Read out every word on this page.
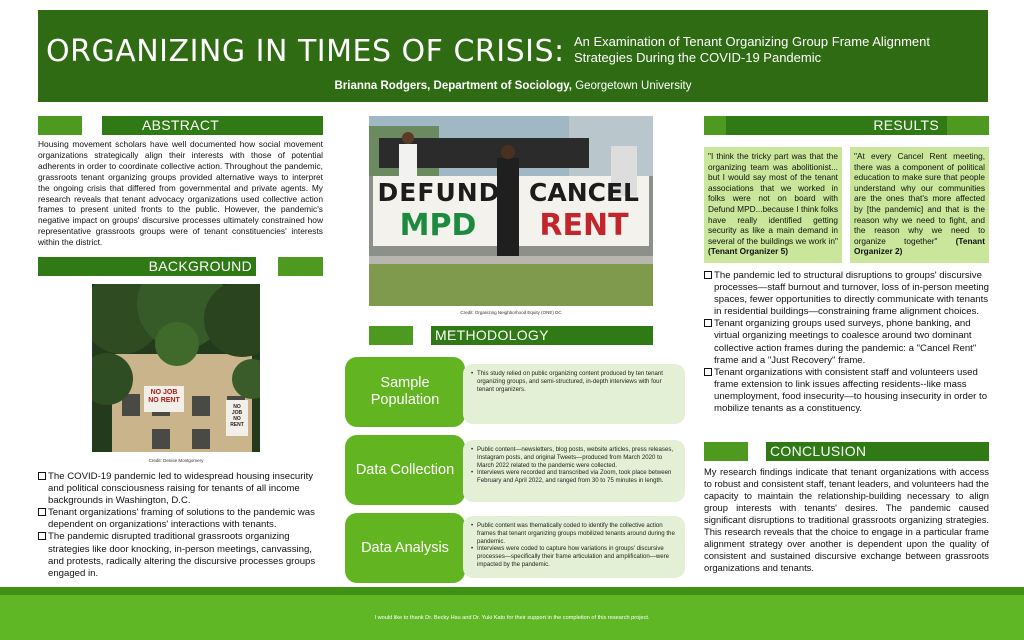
ORGANIZING IN TIMES OF CRISIS: An Examination of Tenant Organizing Group Frame Alignment Strategies During the COVID-19 Pandemic
Brianna Rodgers, Department of Sociology, Georgetown University
ABSTRACT
Housing movement scholars have well documented how social movement organizations strategically align their interests with those of potential adherents in order to coordinate collective action. Throughout the pandemic, grassroots tenant organizing groups provided alternative ways to interpret the ongoing crisis that differed from governmental and private agents. My research reveals that tenant advocacy organizations used collective action frames to present united fronts to the public. However, the pandemic's negative impact on groups' discursive processes ultimately constrained how representative grassroots groups were of tenant constituencies' interests within the district.
BACKGROUND
NO JOB NO RENT
NO JOB NO RENT
Credit: Denise Montgomery
The COVID-19 pandemic led to widespread housing insecurity and political consciousness raising for tenants of all income backgrounds in Washington, D.C.
Tenant organizations' framing of solutions to the pandemic was dependent on organizations' interactions with tenants.
The pandemic disrupted traditional grassroots organizing strategies like door knocking, in-person meetings, canvassing, and protests, radically altering the discursive processes groups engaged in.
DEFUND
MPD
CANCEL
RENT
Credit: Organizing Neighborhood Equity (ONE) DC
METHODOLOGY
Sample Population
• This study relied on public organizing content produced by ten tenant organizing groups, and semi-structured, in-depth interviews with four tenant organizers.
Data Collection
• Public content—newsletters, blog posts, website articles, press releases, Instagram posts, and original Tweets—produced from March 2020 to March 2022 related to the pandemic were collected.
• Interviews were recorded and transcribed via Zoom, took place between February and April 2022, and ranged from 30 to 75 minutes in length.
Data Analysis
• Public content was thematically coded to identify the collective action frames that tenant organizing groups mobilized tenants around during the pandemic.
• Interviews were coded to capture how variations in groups' discursive processes—specifically their frame articulation and amplification—were impacted by the pandemic.
RESULTS
"I think the tricky part was that the organizing team was abolitionist... but I would say most of the tenant associations that we worked in folks were not on board with Defund MPD...because I think folks have really identified getting security as like a main demand in several of the buildings we work in" (Tenant Organizer 5)
"At every Cancel Rent meeting, there was a component of political education to make sure that people understand why our communities are the ones that's more affected by [the pandemic] and that is the reason why we need to fight, and the reason why we need to organize together" (Tenant Organizer 2)
The pandemic led to structural disruptions to groups' discursive processes—staff burnout and turnover, loss of in-person meeting spaces, fewer opportunities to directly communicate with tenants in residential buildings—constraining frame alignment choices.
Tenant organizing groups used surveys, phone banking, and virtual organizing meetings to coalesce around two dominant collective action frames during the pandemic: a "Cancel Rent" frame and a "Just Recovery" frame.
Tenant organizations with consistent staff and volunteers used frame extension to link issues affecting residents--like mass unemployment, food insecurity—to housing insecurity in order to mobilize tenants as a constituency.
CONCLUSION
My research findings indicate that tenant organizations with access to robust and consistent staff, tenant leaders, and volunteers had the capacity to maintain the relationship-building necessary to align group interests with tenants' desires. The pandemic caused significant disruptions to traditional grassroots organizing strategies. This research reveals that the choice to engage in a particular frame alignment strategy over another is dependent upon the quality of consistent and sustained discursive exchange between grassroots organizations and tenants.
I would like to thank Dr. Becky Hsu and Dr. Yuki Kato for their support in the completion of this research project.
